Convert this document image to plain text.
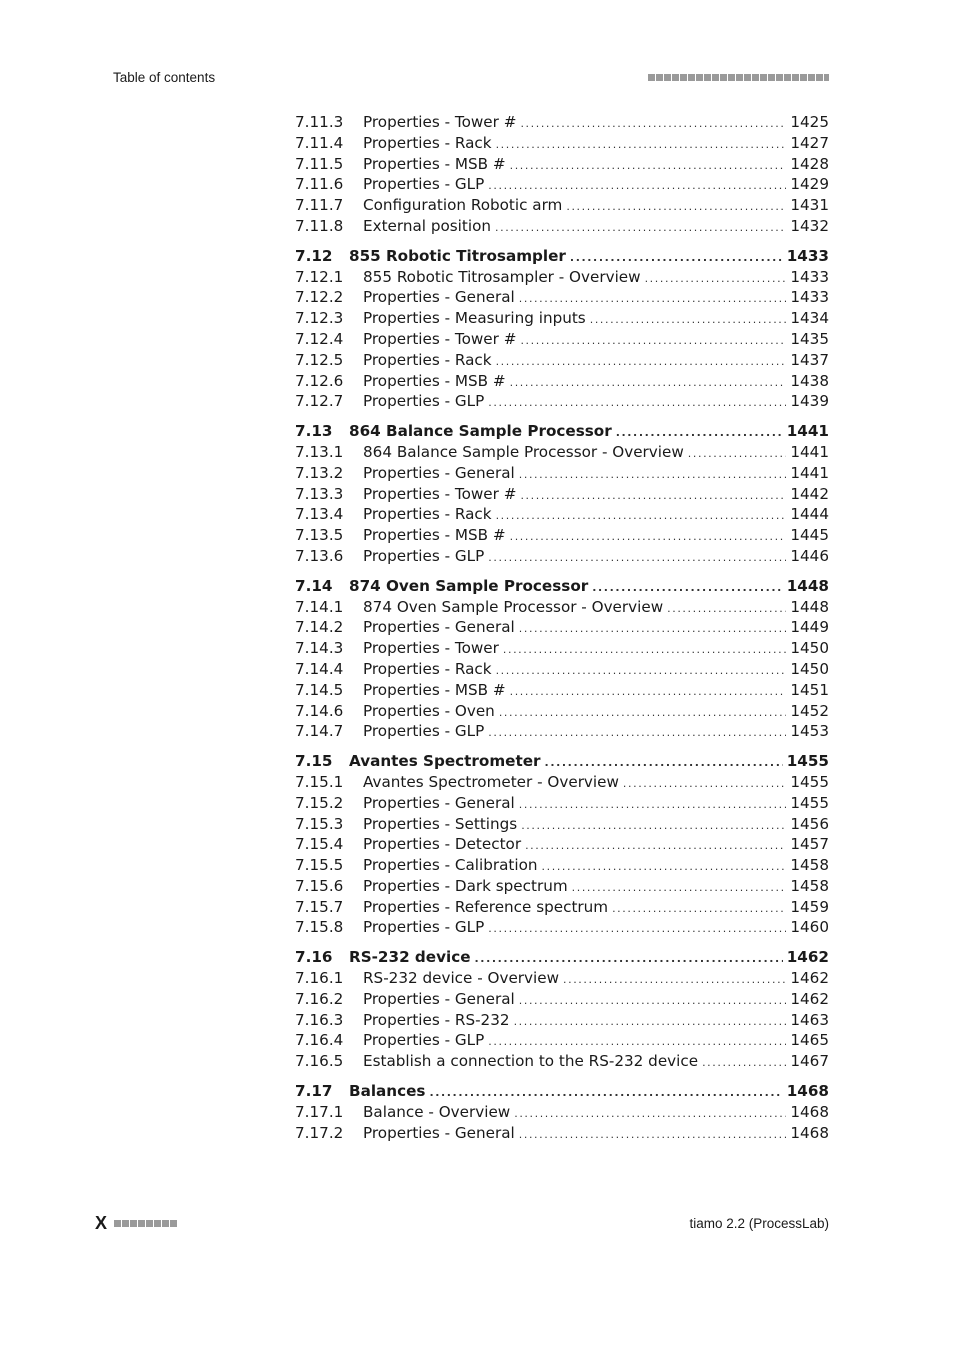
Table of contents
7.11.3	Properties - Tower # .....	1425
7.11.4	Properties - Rack .....	1427
7.11.5	Properties - MSB # .....	1428
7.11.6	Properties - GLP .....	1429
7.11.7	Configuration Robotic arm .....	1431
7.11.8	External position .....	1432
7.12	855 Robotic Titrosampler .....	1433
7.12.1	855 Robotic Titrosampler - Overview .....	1433
7.12.2	Properties - General .....	1433
7.12.3	Properties - Measuring inputs .....	1434
7.12.4	Properties - Tower # .....	1435
7.12.5	Properties - Rack .....	1437
7.12.6	Properties - MSB # .....	1438
7.12.7	Properties - GLP .....	1439
7.13	864 Balance Sample Processor .....	1441
7.13.1	864 Balance Sample Processor - Overview .....	1441
7.13.2	Properties - General .....	1441
7.13.3	Properties - Tower # .....	1442
7.13.4	Properties - Rack .....	1444
7.13.5	Properties - MSB # .....	1445
7.13.6	Properties - GLP .....	1446
7.14	874 Oven Sample Processor .....	1448
7.14.1	874 Oven Sample Processor - Overview .....	1448
7.14.2	Properties - General .....	1449
7.14.3	Properties - Tower .....	1450
7.14.4	Properties - Rack .....	1450
7.14.5	Properties - MSB # .....	1451
7.14.6	Properties - Oven .....	1452
7.14.7	Properties - GLP .....	1453
7.15	Avantes Spectrometer .....	1455
7.15.1	Avantes Spectrometer - Overview .....	1455
7.15.2	Properties - General .....	1455
7.15.3	Properties - Settings .....	1456
7.15.4	Properties - Detector .....	1457
7.15.5	Properties - Calibration .....	1458
7.15.6	Properties - Dark spectrum .....	1458
7.15.7	Properties - Reference spectrum .....	1459
7.15.8	Properties - GLP .....	1460
7.16	RS-232 device .....	1462
7.16.1	RS-232 device - Overview .....	1462
7.16.2	Properties - General .....	1462
7.16.3	Properties - RS-232 .....	1463
7.16.4	Properties - GLP .....	1465
7.16.5	Establish a connection to the RS-232 device .....	1467
7.17	Balances .....	1468
7.17.1	Balance - Overview .....	1468
7.17.2	Properties - General .....	1468
X	tiamo 2.2 (ProcessLab)
